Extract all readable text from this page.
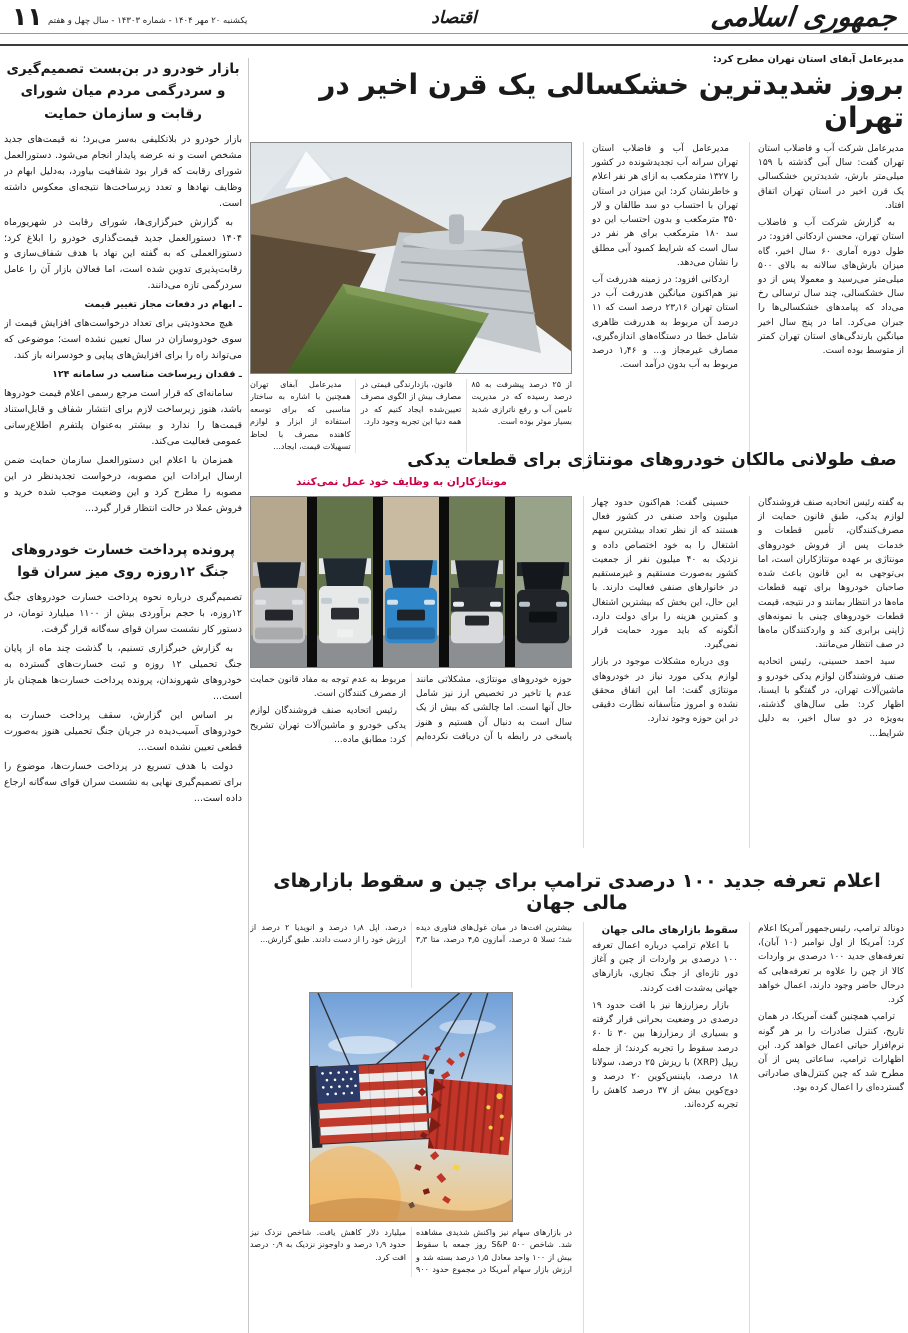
جمهوری اسلامی
اقتصاد
۱۱ یکشنبه ۲۰ مهر ۱۴۰۴ - شماره ۱۴۳۰۳ - سال چهل و هفتم
مدیرعامل آبفای استان تهران مطرح کرد:
بروز شدیدترین خشکسالی یک قرن اخیر در تهران

مدیرعامل شرکت آب و فاضلاب استان تهران گفت: سال آبی گذشته با ۱۵۹ میلی‌متر بارش، شدیدترین خشکسالی یک قرن اخیر در استان تهران اتفاق افتاد.

به گزارش شرکت آب و فاضلاب استان تهران، محسن اردکانی افزود: در طول دوره آماری ۶۰ سال اخیر، گاه میزان بارش‌های سالانه به بالای ۵۰۰ میلی‌متر می‌رسید و معمولا پس از دو سال خشکسالی، چند سال ترسالی رخ می‌داد که پیامدهای خشکسالی‌ها را جبران می‌کرد. اما در پنج سال اخیر میانگین بارندگی‌های استان تهران کمتر از متوسط بوده است.

مدیرعامل آب و فاضلاب استان تهران سرانه آب تجدیدشونده در کشور را ۱۳۲۷ مترمکعب به ازای هر نفر اعلام و خاطرنشان کرد: این میزان در استان تهران با احتساب دو سد طالقان و لار ۳۵۰ مترمکعب و بدون احتساب این دو سد ۱۸۰ مترمکعب برای هر نفر در سال است که شرایط کمبود آبی مطلق را نشان می‌دهد.

اردکانی افزود: در زمینه هدررفت آب نیز هم‌اکنون میانگین هدررفت آب در استان تهران ۲۳٫۱۶ درصد است که ۱۱ درصد آن مربوط به هدررفت ظاهری شامل خطا در دستگاه‌های اندازه‌گیری، مصارف غیرمجاز و... و ۱٫۴۶ درصد مربوط به آب بدون درآمد است.

از ۲۵ درصد پیشرفت به ۸۵ درصد رسیده که در مدیریت تامین آب و رفع ناترازی شدید بسیار موثر بوده است.

قانون، بازدارندگی قیمتی در مصارف بیش از الگوی مصرف تعیین‌شده ایجاد کنیم که در همه دنیا این تجربه وجود دارد.

مدیرعامل آبفای تهران همچنین با اشاره به ساختار مناسبی که برای توسعه استفاده از ابزار و لوازم کاهنده مصرف با لحاظ تسهیلات قیمت، ایجاد...

صف طولانی مالکان خودروهای مونتاژی برای قطعات یدکی
مونتاژکاران به وظایف خود عمل نمی‌کنند

به گفته رئیس اتحادیه صنف فروشندگان لوازم یدکی، طبق قانون حمایت از مصرف‌کنندگان، تأمین قطعات و خدمات پس از فروش خودروهای مونتاژی بر عهده مونتاژکاران است، اما بی‌توجهی به این قانون باعث شده صاحبان خودروها برای تهیه قطعات ماه‌ها در انتظار بمانند و در نتیجه، قیمت قطعات خودروهای چینی با نمونه‌های ژاپنی برابری کند و واردکنندگان ماه‌ها در صف انتظار می‌مانند.

سید احمد حسینی، رئیس اتحادیه صنف فروشندگان لوازم یدکی خودرو و ماشین‌آلات تهران، در گفتگو با ایسنا، اظهار کرد: طی سال‌های گذشته، به‌ویژه در دو سال اخیر، به دلیل شرایط...

حسینی گفت: هم‌اکنون حدود چهار میلیون واحد صنفی در کشور فعال هستند که از نظر تعداد بیشترین سهم اشتغال را به خود اختصاص داده و نزدیک به ۴۰ میلیون نفر از جمعیت کشور به‌صورت مستقیم و غیرمستقیم در خانوارهای صنفی فعالیت دارند. با این حال، این بخش که بیشترین اشتغال و کمترین هزینه را برای دولت دارد، آنگونه که باید مورد حمایت قرار نمی‌گیرد.

وی درباره مشکلات موجود در بازار لوازم یدکی مورد نیاز در خودروهای مونتاژی گفت: اما این اتفاق محقق نشده و امروز متأسفانه نظارت دقیقی در این حوزه وجود ندارد.

حوزه خودروهای مونتاژی، مشکلاتی مانند عدم یا تاخیر در تخصیص ارز نیز شامل حال آنها است. اما چالشی که بیش از یک سال است به دنبال آن هستیم و هنوز پاسخی در رابطه با آن دریافت نکرده‌ایم مربوط به عدم توجه به مفاد قانون حمایت از مصرف کنندگان است.

رئیس اتحادیه صنف فروشندگان لوازم یدکی خودرو و ماشین‌آلات تهران تشریح کرد: مطابق ماده...

اعلام تعرفه جدید ۱۰۰ درصدی ترامپ برای چین و سقوط بازارهای مالی جهان

دونالد ترامپ، رئیس‌جمهور آمریکا اعلام کرد: آمریکا از اول نوامبر (۱۰ آبان)، تعرفه‌های جدید ۱۰۰ درصدی بر واردات کالا از چین را علاوه بر تعرفه‌هایی که درحال حاضر وجود دارند، اعمال خواهد کرد.

ترامپ همچنین گفت آمریکا، در همان تاریخ، کنترل صادرات را بر هر گونه نرم‌افزار حیاتی اعمال خواهد کرد. این اظهارات ترامپ، ساعاتی پس از آن مطرح شد که چین کنترل‌های صادراتی گسترده‌ای را اعمال کرده بود.

سقوط بازارهای مالی جهان

با اعلام ترامپ درباره اعمال تعرفه ۱۰۰ درصدی بر واردات از چین و آغاز دور تازه‌ای از جنگ تجاری، بازارهای جهانی به‌شدت افت کردند.

بازار رمزارزها نیز با افت حدود ۱۹ درصدی در وضعیت بحرانی قرار گرفته و بسیاری از رمزارزها بین ۳۰ تا ۶۰ درصد سقوط را تجربه کردند؛ از جمله ریپل (XRP) با ریزش ۲۵ درصد، سولانا ۱۸ درصد، بایننس‌کوین ۲۰ درصد و دوج‌کوین بیش از ۳۷ درصد کاهش را تجربه کرده‌اند.

بیشترین افت‌ها در میان غول‌های فناوری دیده شد؛ تسلا ۵ درصد، آمازون ۴٫۵ درصد، متا ۳٫۳ درصد، اپل ۱٫۸ درصد و انویدیا ۲ درصد از ارزش خود را از دست دادند. طبق گزارش...

در بازارهای سهام نیز واکنش شدیدی مشاهده شد. شاخص S&P ۵۰۰ روز جمعه با سقوط بیش از ۱۰۰ واحد معادل ۱٫۵ درصد بسته شد و ارزش بازار سهام آمریکا در مجموع حدود ۹۰۰ میلیارد دلار کاهش یافت. شاخص نزدک نیز حدود ۱٫۹ درصد و داوجونز نزدیک به ۰٫۹ درصد افت کرد.

بازار خودرو در بن‌بست تصمیم‌گیری و سردرگمی مردم میان شورای رقابت و سازمان حمایت

بازار خودرو در بلاتکلیفی به‌سر می‌برد؛ نه قیمت‌های جدید مشخص است و نه عرضه پایدار انجام می‌شود. دستورالعمل شورای رقابت که قرار بود شفافیت بیاورد، به‌دلیل ابهام در وظایف نهادها و تعدد زیرساخت‌ها نتیجه‌ای معکوس داشته است.

به گزارش خبرگزاری‌ها، شورای رقابت در شهریورماه ۱۴۰۴ دستورالعمل جدید قیمت‌گذاری خودرو را ابلاغ کرد؛ دستورالعملی که به گفته این نهاد با هدف شفاف‌سازی و رقابت‌پذیری تدوین شده است، اما فعالان بازار آن را عامل سردرگمی تازه می‌دانند.

ـ ابهام در دفعات مجاز تغییر قیمت

هیچ محدودیتی برای تعداد درخواست‌های افزایش قیمت از سوی خودروسازان در سال تعیین نشده است؛ موضوعی که می‌تواند راه را برای افزایش‌های پیاپی و خودسرانه باز کند.

ـ فقدان زیرساخت مناسب در سامانه ۱۲۴

سامانه‌ای که قرار است مرجع رسمی اعلام قیمت خودروها باشد، هنوز زیرساخت لازم برای انتشار شفاف و قابل‌استناد قیمت‌ها را ندارد و بیشتر به‌عنوان پلتفرم اطلاع‌رسانی عمومی فعالیت می‌کند.

همزمان با اعلام این دستورالعمل سازمان حمایت ضمن ارسال ایرادات این مصوبه، درخواست تجدیدنظر در این مصوبه را مطرح کرد و این وضعیت موجب شده خرید و فروش عملا در حالت انتظار قرار گیرد...

پرونده پرداخت خسارت خودروهای جنگ ۱۲روزه روی میز سران قوا

تصمیم‌گیری درباره نحوه پرداخت خسارت خودروهای جنگ ۱۲روزه، با حجم برآوردی بیش از ۱۱۰۰ میلیارد تومان، در دستور کار نشست سران قوای سه‌گانه قرار گرفت.

به گزارش خبرگزاری تسنیم، با گذشت چند ماه از پایان جنگ تحمیلی ۱۲ روزه و ثبت خسارت‌های گسترده به خودروهای شهروندان، پرونده پرداخت خسارت‌ها همچنان باز است...

بر اساس این گزارش، سقف پرداخت خسارت به خودروهای آسیب‌دیده در جریان جنگ تحمیلی هنوز به‌صورت قطعی تعیین نشده است...

دولت با هدف تسریع در پرداخت خسارت‌ها، موضوع را برای تصمیم‌گیری نهایی به نشست سران قوای سه‌گانه ارجاع داده است...
